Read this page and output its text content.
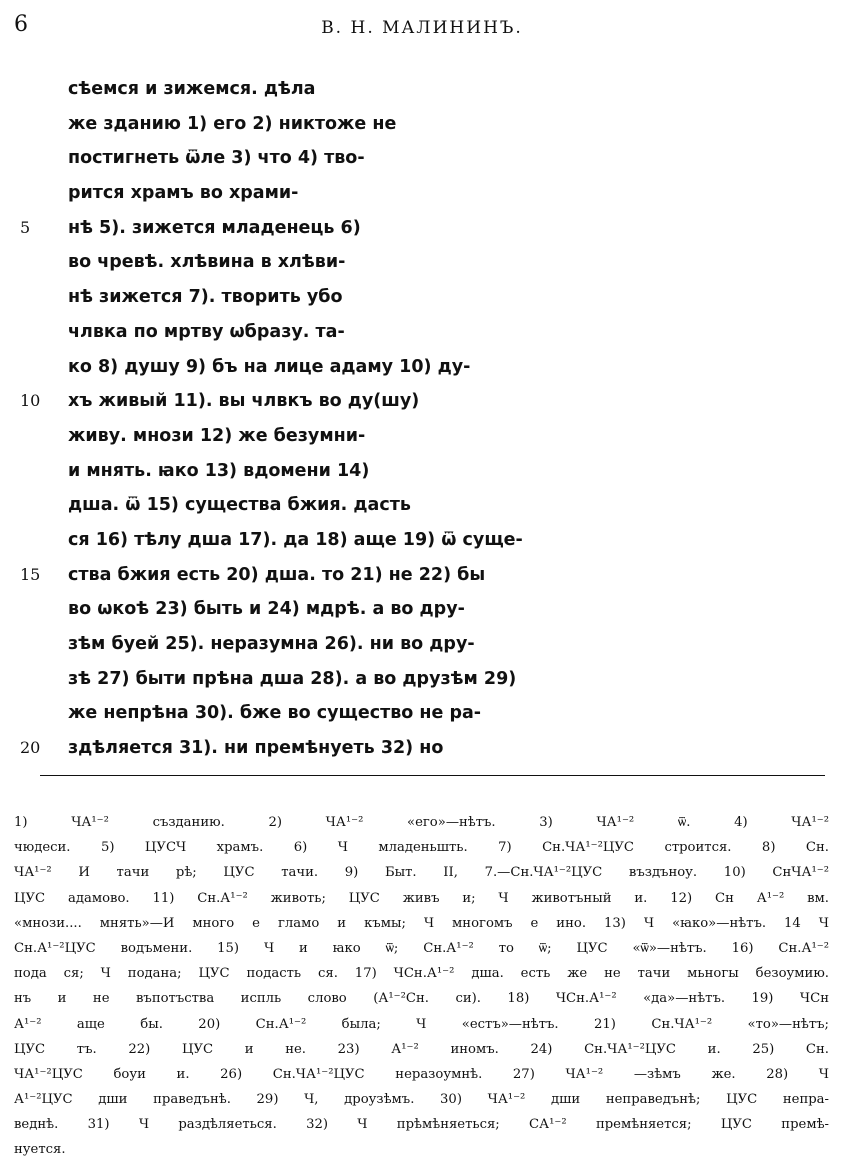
6	В. Н. МАЛИНИНЪ.
сѣемся и зижемся. дѣла
же зданию 1) его 2) никтоже не
постигнеть ѿле 3) что 4) тво-
рится храмъ во храми-
5 нѣ 5). зижется младенець 6)
во чревѣ. хлѣвина в хлѣви-
нѣ зижется 7). творить убо
члвка по мртву ѡбразу. та-
ко 8) душу 9) бъ на лице адаму 10) ду-
10 хъ живый 11). вы члвкъ во ду(шу)
живу. мнози 12) же безумни-
и мнять. ꙗко 13) вдомени 14)
дша. ѿ 15) существа бжия. дасть
ся 16) тѣлу дша 17). да 18) аще 19) ѿ суще-
15 ства бжия есть 20) дша. то 21) не 22) бы
во ѡкоѣ 23) быть и 24) мдрѣ. а во дру-
зѣм буей 25). неразумна 26). ни во дру-
зѣ 27) быти прѣна дша 28). а во друзѣм 29)
же непрѣна 30). бже во существо не ра-
20 здѣляется 31). ни премѣнуеть 32) но
1) ЧА¹⁻² създанию. 2) ЧА¹⁻² «его»—нѣтъ. 3) ЧА¹⁻² ѿ. 4) ЧА¹⁻²
чюдеси. 5) ЦУСЧ храмъ. 6) Ч младеньшть. 7) Сн.ЧА¹⁻²ЦУС строится. 8) Сн.
ЧА¹⁻² И тачи рѣ; ЦУС тачи. 9) Быт. II, 7.—Сн.ЧА¹⁻²ЦУС въздъноу. 10) СнЧА¹⁻²
ЦУС адамово. 11) Сн.А¹⁻² животь; ЦУС живъ и; Ч животъный и. 12) Сн А¹⁻² вм.
«мнози.... мнять»—И много е гламо и къмы; Ч многомъ е ино. 13) Ч «ꙗко»—нѣтъ. 14 Ч
Сн.А¹⁻²ЦУС водъмени. 15) Ч и ꙗко ѿ; Сн.А¹⁻² то ѿ; ЦУС «ѿ»—нѣтъ. 16) Сн.А¹⁻²
пода ся; Ч подана; ЦУС подасть ся. 17) ЧСн.А¹⁻² дша. есть же не тачи мьногы безоумию.
нъ и не въпотъства испль слово (А¹⁻²Сн. си). 18) ЧСн.А¹⁻² «да»—нѣтъ. 19) ЧСн
А¹⁻² аще бы. 20) Сн.А¹⁻² была; Ч «естъ»—нѣтъ. 21) Сн.ЧА¹⁻² «то»—нѣтъ;
ЦУС тъ. 22) ЦУС и не. 23) А¹⁻² иномъ. 24) Сн.ЧА¹⁻²ЦУС и. 25) Сн.
ЧА¹⁻²ЦУС боуи и. 26) Сн.ЧА¹⁻²ЦУС неразоумнѣ. 27) ЧА¹⁻² —зѣмъ же. 28) Ч
А¹⁻²ЦУС дши праведънѣ. 29) Ч, дроузѣмъ. 30) ЧА¹⁻² дши неправедънѣ; ЦУС непра-
веднѣ. 31) Ч раздѣляеться. 32) Ч прѣмѣняеться; СА¹⁻² премѣняется; ЦУС премѣ-
нуется.
